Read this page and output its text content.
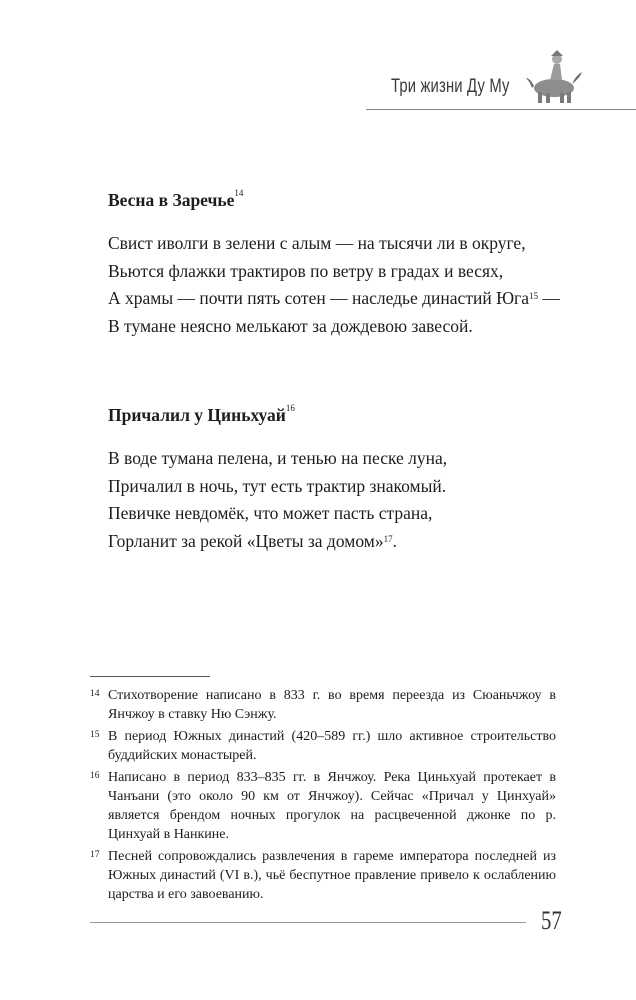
Три жизни Ду Му
Весна в Заречье$^{14}$
Свист иволги в зелени с алым — на тысячи ли в округе,
Вьются флажки трактиров по ветру в градах и весях,
А храмы — почти пять сотен — наследье династий Юга$^{15}$ —
В тумане неясно мелькают за дождевою завесой.
Причалил у Циньхуай$^{16}$
В воде тумана пелена, и тенью на песке луна,
Причалил в ночь, тут есть трактир знакомый.
Певичке невдомёк, что может пасть страна,
Горланит за рекой «Цветы за домом»$^{17}$.
14 Стихотворение написано в 833 г. во время переезда из Сюаньчжоу в Янчжоу в ставку Ню Сэнжу.
15 В период Южных династий (420–589 гг.) шло активное строительство буддийских монастырей.
16 Написано в период 833–835 гг. в Янчжоу. Река Циньхуай протекает в Чанъани (это около 90 км от Янчжоу). Сейчас «Причал у Цинхуай» является брендом ночных прогулок на расцвеченной джонке по р. Цинхуай в Нанкине.
17 Песней сопровождались развлечения в гареме императора последней из Южных династий (VI в.), чьё беспутное правление привело к ослаблению царства и его завоеванию.
57
